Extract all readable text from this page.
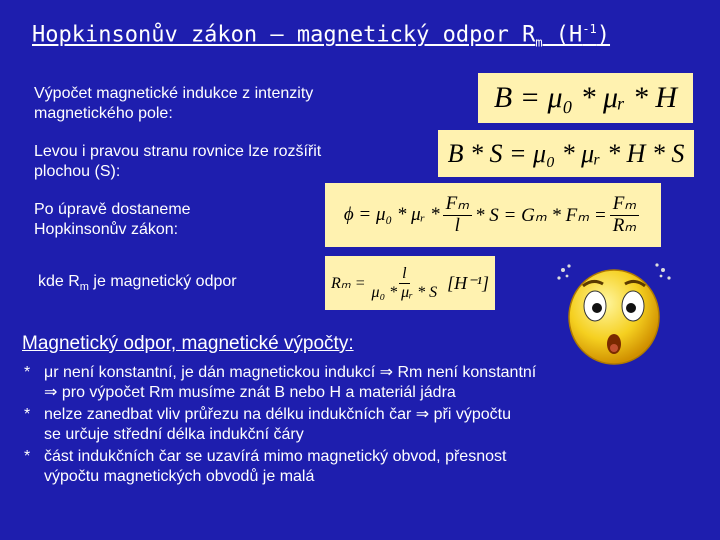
Hopkinsonův zákon – magnetický odpor $R_m$ $(H^{-1})$
Výpočet magnetické indukce z intenzity
magnetického pole:	B = μ₀ * μᵣ * H
Levou i pravou stranu rovnice lze rozšířit
plochou (S):
B * S = μ₀ * μᵣ * H * S
Po úpravě dostaneme
Hopkinsonův zákon:
ϕ = μ₀ * μᵣ * $\frac{\text{Fₘ}}{l} * S = G_m * F_m = \frac{\text{Fₘ}}{\text{Rₘ}}$
kde $R_m$ je magnetický odpor	$R_m = \frac{l}{\text{μ₀ * μᵣ * S}} [H^{-1}]$
Magnetický odpor, magnetické výpočty:
* μr není konstantní, je dán magnetickou indukcí ⇒ Rm není konstantní
⇒ pro výpočet Rm musíme znát B nebo H a materiál jádra
* nelze zanedbat vliv průřezu na délku indukčních čar ⇒ při výpočtu
se určuje střední délka indukční čáry
* část indukčních čar se uzavírá mimo magnetický obvod, přesnost
výpočtu magnetických obvodů je malá
